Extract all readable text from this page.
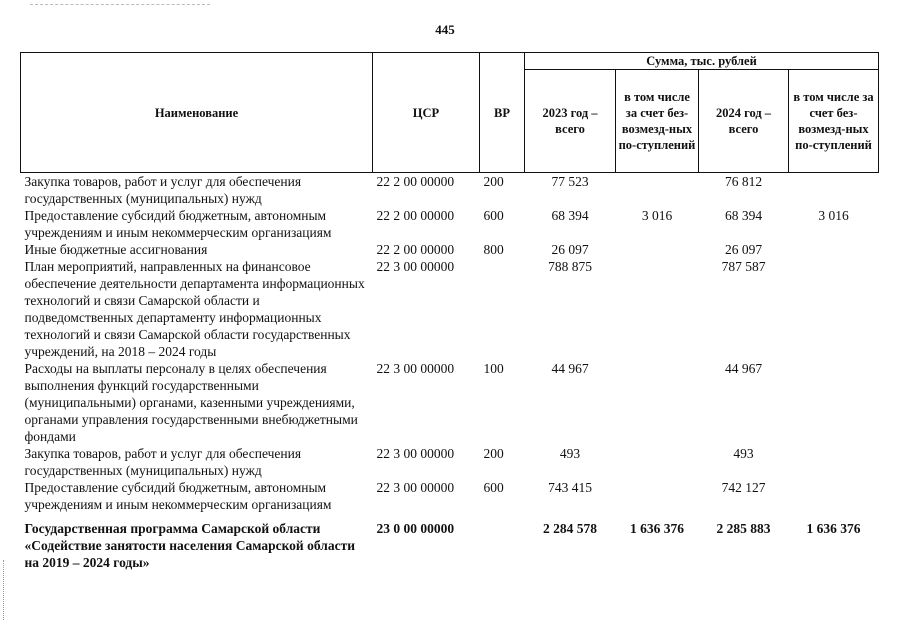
445
Наименование	ЦСР	ВР	Сумма, тыс. рублей			
			2023 год – всего	в том числе за счет без-возмезд-ных по-ступлений	2024 год – всего	в том числе за счет без-возмезд-ных по-ступлений
Закупка товаров, работ и услуг для обеспечения государственных (муниципальных) нужд	22 2 00 00000	200	77 523		76 812	
Предоставление субсидий бюджетным, автономным учреждениям и иным некоммерческим организациям	22 2 00 00000	600	68 394	3 016	68 394	3 016
Иные бюджетные ассигнования	22 2 00 00000	800	26 097		26 097	
План мероприятий, направленных на финансовое обеспечение деятельности департамента информационных технологий и связи Самарской области и подведомственных департаменту информационных технологий и связи Самарской области государственных учреждений, на 2018 – 2024 годы	22 3 00 00000		788 875		787 587	
Расходы на выплаты персоналу в целях обеспечения выполнения функций государственными (муниципальными) органами, казенными учреждениями, органами управления государственными внебюджетными фондами	22 3 00 00000	100	44 967		44 967	
Закупка товаров, работ и услуг для обеспечения государственных (муниципальных) нужд	22 3 00 00000	200	493		493	
Предоставление субсидий бюджетным, автономным учреждениям и иным некоммерческим организациям	22 3 00 00000	600	743 415		742 127	
Государственная программа Самарской области «Содействие занятости населения Самарской области на 2019 – 2024 годы»	23 0 00 00000		2 284 578	1 636 376	2 285 883	1 636 376
